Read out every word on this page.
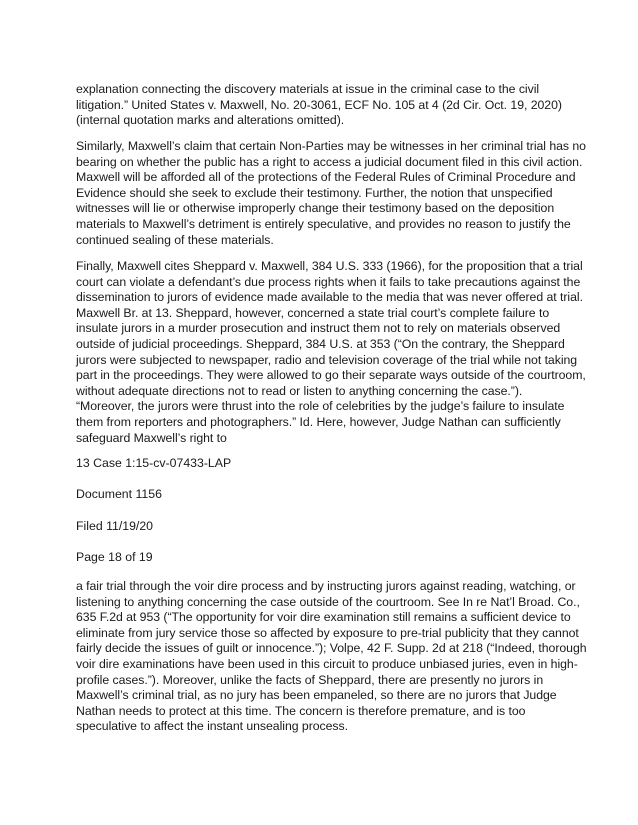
explanation connecting the discovery materials at issue in the criminal case to the civil

litigation.” United States v. Maxwell, No. 20-3061, ECF No. 105 at 4 (2d Cir. Oct. 19, 2020)

(internal quotation marks and alterations omitted).

Similarly, Maxwell’s claim that certain Non-Parties may be witnesses in her criminal trial has no

bearing on whether the public has a right to access a judicial document filed in this civil action.

Maxwell will be afforded all of the protections of the Federal Rules of Criminal Procedure and

Evidence should she seek to exclude their testimony. Further, the notion that unspecified

witnesses will lie or otherwise improperly change their testimony based on the deposition

materials to Maxwell’s detriment is entirely speculative, and provides no reason to justify the

continued sealing of these materials.

Finally, Maxwell cites Sheppard v. Maxwell, 384 U.S. 333 (1966), for the proposition that a trial

court can violate a defendant’s due process rights when it fails to take precautions against the

dissemination to jurors of evidence made available to the media that was never offered at trial.

Maxwell Br. at 13. Sheppard, however, concerned a state trial court’s complete failure to

insulate jurors in a murder prosecution and instruct them not to rely on materials observed

outside of judicial proceedings. Sheppard, 384 U.S. at 353 (“On the contrary, the Sheppard

jurors were subjected to newspaper, radio and television coverage of the trial while not taking

part in the proceedings. They were allowed to go their separate ways outside of the courtroom,

without adequate directions not to read or listen to anything concerning the case.”).

“Moreover, the jurors were thrust into the role of celebrities by the judge’s failure to insulate

them from reporters and photographers.” Id. Here, however, Judge Nathan can sufficiently

safeguard Maxwell’s right to

13 Case 1:15-cv-07433-LAP

Document 1156

Filed 11/19/20

Page 18 of 19

a fair trial through the voir dire process and by instructing jurors against reading, watching, or

listening to anything concerning the case outside of the courtroom. See In re Nat’l Broad. Co.,

635 F.2d at 953 (“The opportunity for voir dire examination still remains a sufficient device to

eliminate from jury service those so affected by exposure to pre-trial publicity that they cannot

fairly decide the issues of guilt or innocence.”); Volpe, 42 F. Supp. 2d at 218 (“Indeed, thorough

voir dire examinations have been used in this circuit to produce unbiased juries, even in high-

profile cases.”). Moreover, unlike the facts of Sheppard, there are presently no jurors in

Maxwell’s criminal trial, as no jury has been empaneled, so there are no jurors that Judge

Nathan needs to protect at this time. The concern is therefore premature, and is too

speculative to affect the instant unsealing process.
